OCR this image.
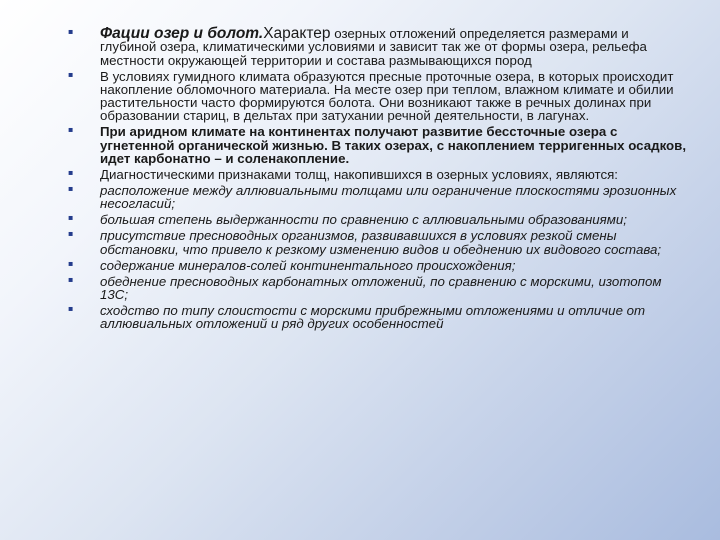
▪ Фации озер и болот.Характер озерных отложений определяется размерами и глубиной озера, климатическими условиями и зависит так же от формы озера, рельефа местности окружающей территории и состава размывающихся пород
▪ В условиях гумидного климата образуются пресные проточные озера, в которых происходит накопление обломочного материала. На месте озер при теплом, влажном климате и обилии растительности часто формируются болота. Они возникают также в речных долинах при образовании стариц, в дельтах при затухании речной деятельности, в лагунах.
▪ При аридном климате на континентах получают развитие бессточные озера с угнетенной органической жизнью. В таких озерах, с накоплением терригенных осадков, идет карбонатно – и соленакопление.
▪ Диагностическими признаками толщ, накопившихся в озерных условиях, являются:
▪ расположение между аллювиальными толщами или ограничение плоскостями эрозионных несогласий;
▪ большая степень выдержанности по сравнению с аллювиальными образованиями;
▪ присутствие пресноводных организмов, развивавшихся в условиях резкой смены обстановки, что привело к резкому изменению видов и обеднению их видового состава;
▪ содержание минералов-солей континентального происхождения;
▪ обеднение пресноводных карбонатных отложений, по сравнению с морскими, изотопом 13С;
▪ сходство по типу слоистости с морскими прибрежными отложениями и отличие от аллювиальных отложений и ряд других особенностей
